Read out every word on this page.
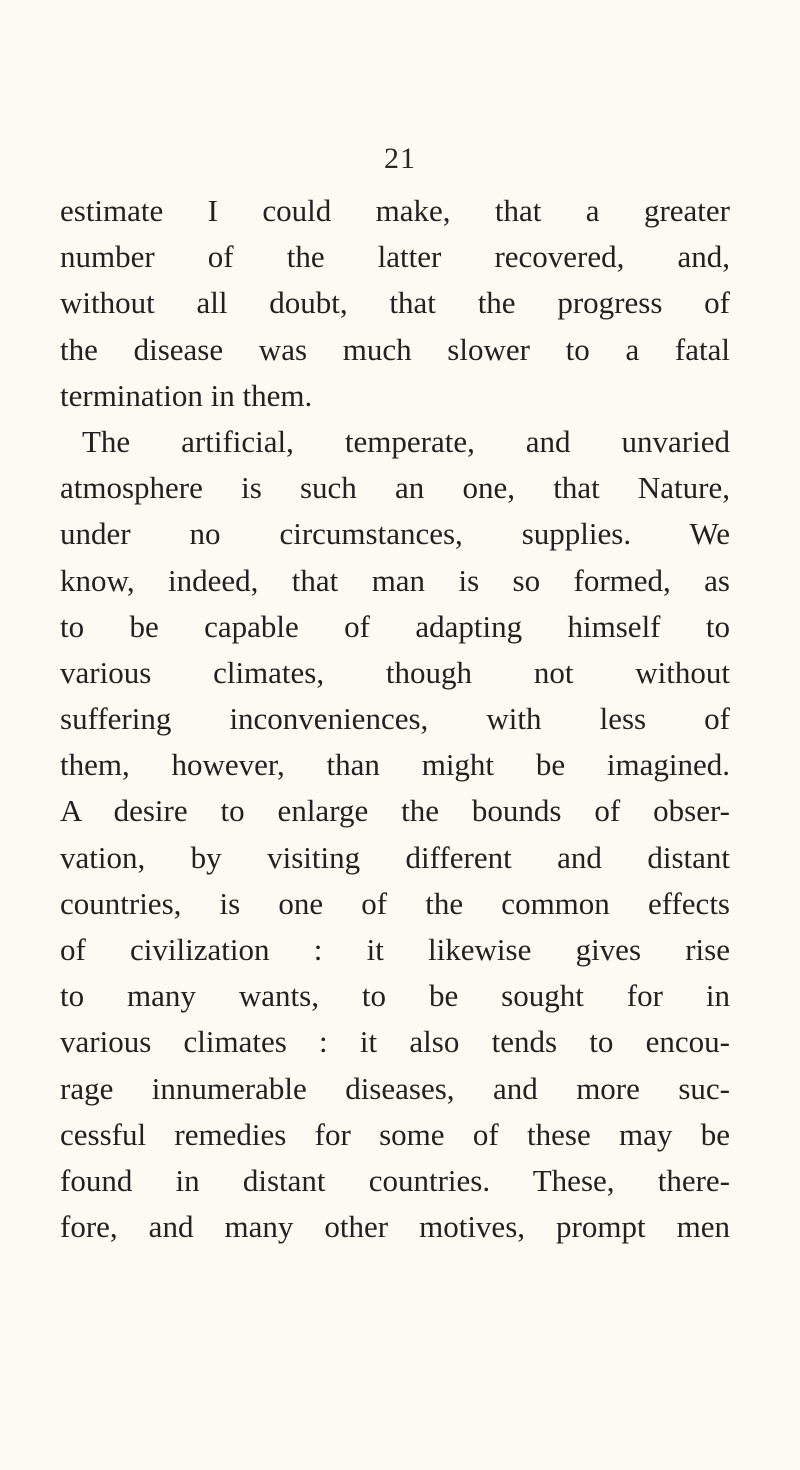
21
estimate I could make, that a greater
number of the latter recovered, and,
without all doubt, that the progress of
the disease was much slower to a fatal
termination in them.
The artificial, temperate, and unvaried
atmosphere is such an one, that Nature,
under no circumstances, supplies. We
know, indeed, that man is so formed, as
to be capable of adapting himself to
various climates, though not without
suffering inconveniences, with less of
them, however, than might be imagined.
A desire to enlarge the bounds of obser-
vation, by visiting different and distant
countries, is one of the common effects
of civilization : it likewise gives rise
to many wants, to be sought for in
various climates : it also tends to encou-
rage innumerable diseases, and more suc-
cessful remedies for some of these may be
found in distant countries. These, there-
fore, and many other motives, prompt men
